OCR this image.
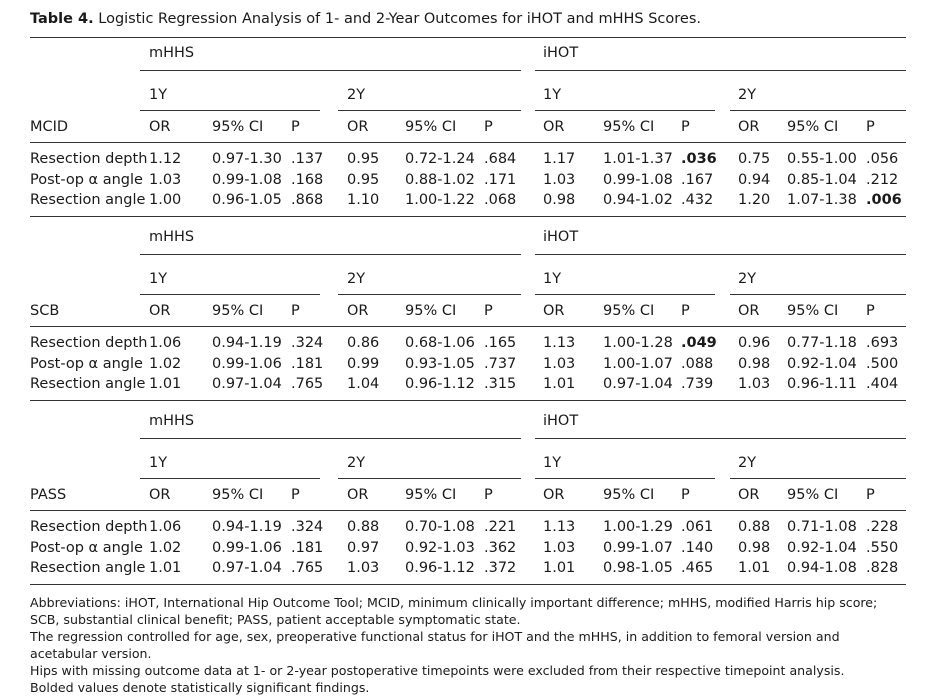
Table 4. Logistic Regression Analysis of 1- and 2-Year Outcomes for iHOT and mHHS Scores.
mHHS	iHOT
1Y	2Y	1Y	2Y
MCID	OR	95% CI P	OR	95% CI P	OR	95% CI P	OR 95% CI P
Resection depth 1.12 0.97-1.30 .137 0.95 0.72-1.24 .684 1.17 1.01-1.37 .036 0.75 0.55-1.00 .056
Post-op α angle 1.03 0.99-1.08 .168 0.95 0.88-1.02 .171 1.03 0.99-1.08 .167 0.94 0.85-1.04 .212
Resection angle 1.00 0.96-1.05 .868 1.10 1.00-1.22 .068 0.98 0.94-1.02 .432 1.20 1.07-1.38 .006
mHHS	iHOT
1Y	2Y	1Y	2Y
SCB	OR	95% CI P	OR	95% CI P	OR	95% CI P	OR 95% CI P
Resection depth 1.06 0.94-1.19 .324 0.86 0.68-1.06 .165 1.13 1.00-1.28 .049 0.96 0.77-1.18 .693
Post-op α angle 1.02 0.99-1.06 .181 0.99 0.93-1.05 .737 1.03 1.00-1.07 .088 0.98 0.92-1.04 .500
Resection angle 1.01 0.97-1.04 .765 1.04 0.96-1.12 .315 1.01 0.97-1.04 .739 1.03 0.96-1.11 .404
mHHS	iHOT
1Y	2Y	1Y	2Y
PASS	OR	95% CI P	OR	95% CI P	OR	95% CI P	OR 95% CI P
Resection depth 1.06 0.94-1.19 .324 0.88 0.70-1.08 .221 1.13 1.00-1.29 .061 0.88 0.71-1.08 .228
Post-op α angle 1.02 0.99-1.06 .181 0.97 0.92-1.03 .362 1.03 0.99-1.07 .140 0.98 0.92-1.04 .550
Resection angle 1.01 0.97-1.04 .765 1.03 0.96-1.12 .372 1.01 0.98-1.05 .465 1.01 0.94-1.08 .828

Abbreviations: iHOT, International Hip Outcome Tool; MCID, minimum clinically important difference; mHHS, modified Harris hip score; SCB, substantial clinical benefit; PASS, patient acceptable symptomatic state.

The regression controlled for age, sex, preoperative functional status for iHOT and the mHHS, in addition to femoral version and acetabular version.

Hips with missing outcome data at 1- or 2-year postoperative timepoints were excluded from their respective timepoint analysis.

Bolded values denote statistically significant findings.
